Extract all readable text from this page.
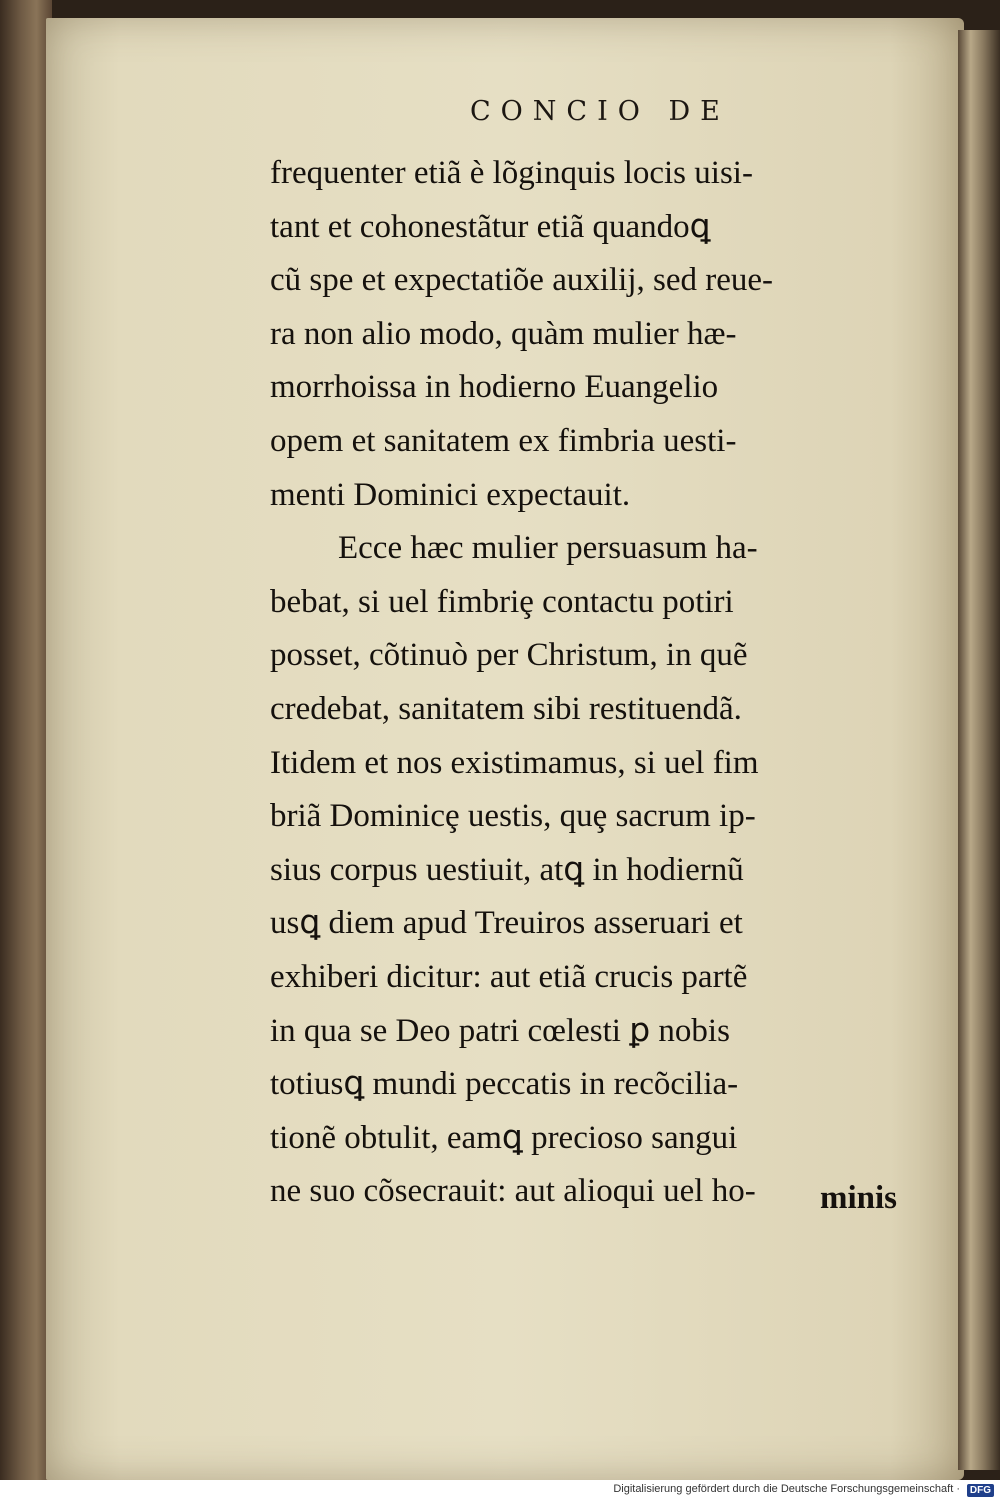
CONCIO DE
frequenter etiã è lõginquis locis uisi-
tant et cohonestãtur etiã quandoꝗ
cũ spe et expectatiõe auxilij, sed reue-
ra non alio modo, quàm mulier hæ-
morrhoissa in hodierno Euangelio
opem et sanitatem ex fimbria uesti-
menti Dominici expectauit.
Ecce hæc mulier persuasum ha-
bebat, si uel fimbriȩ contactu potiri
posset, cõtinuò per Christum, in quẽ
credebat, sanitatem sibi restituendã.
Itidem et nos existimamus, si uel fim
briã Dominicȩ uestis, quȩ sacrum ip-
sius corpus uestiuit, atꝗ in hodiernũ
usꝗ diem apud Treuiros asseruari et
exhiberi dicitur: aut etiã crucis partẽ
in qua se Deo patri cœlesti ꝑ nobis
totiusꝗ mundi peccatis in recõcilia-
tionẽ obtulit, eamꝗ precioso sangui
ne suo cõsecrauit: aut alioqui uel ho-	minis
Digitalisierung gefördert durch die Deutsche Forschungsgemeinschaft · DFG
